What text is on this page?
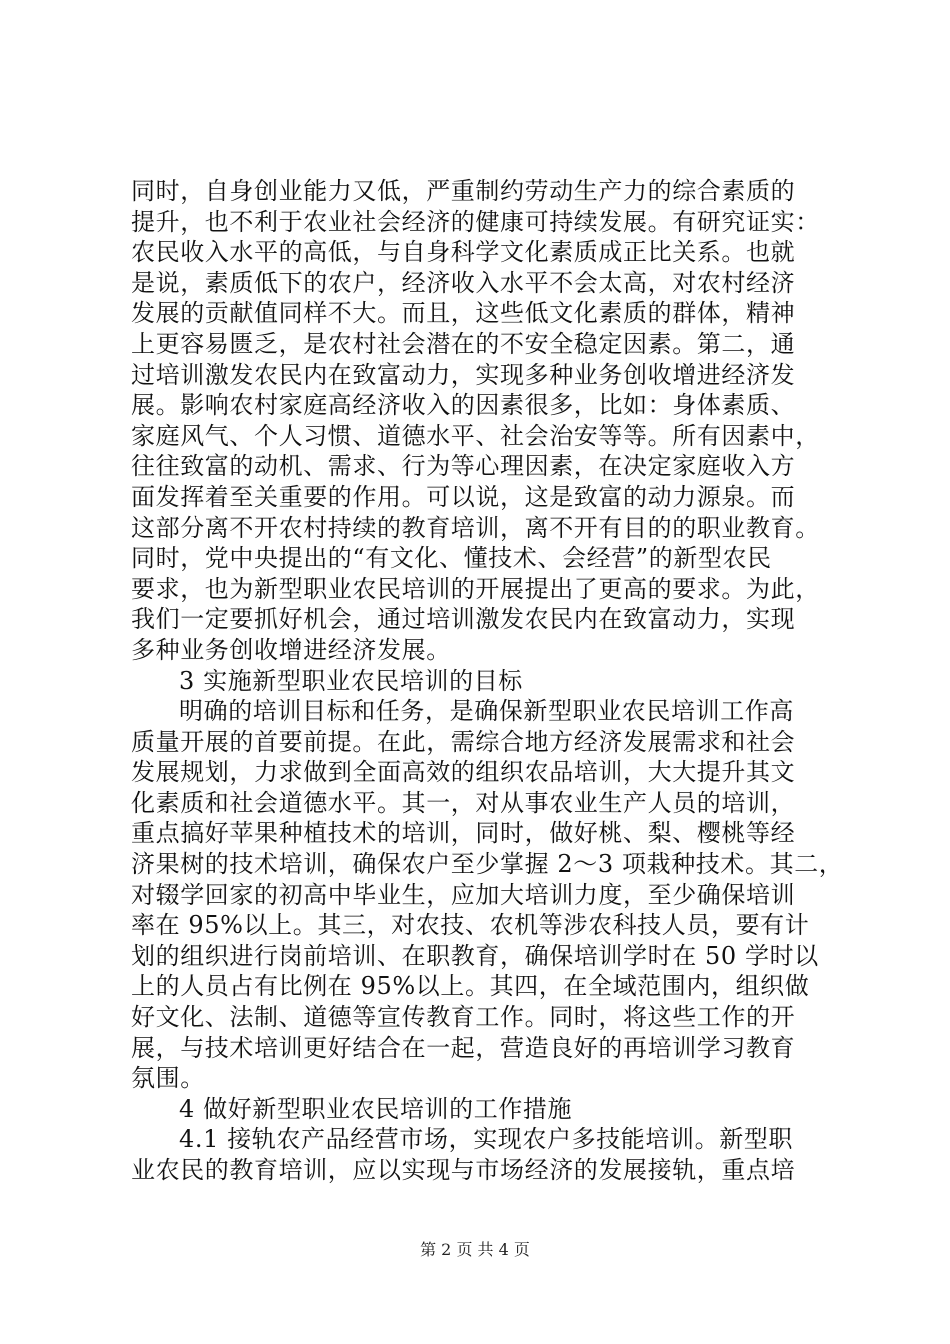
同时，自身创业能力又低，严重制约劳动生产力的综合素质的
提升，也不利于农业社会经济的健康可持续发展。有研究证实：
农民收入水平的高低，与自身科学文化素质成正比关系。也就
是说，素质低下的农户，经济收入水平不会太高，对农村经济
发展的贡献值同样不大。而且，这些低文化素质的群体，精神
上更容易匮乏，是农村社会潜在的不安全稳定因素。第二，通
过培训激发农民内在致富动力，实现多种业务创收增进经济发
展。影响农村家庭高经济收入的因素很多，比如：身体素质、
家庭风气、个人习惯、道德水平、社会治安等等。所有因素中，
往往致富的动机、需求、行为等心理因素，在决定家庭收入方
面发挥着至关重要的作用。可以说，这是致富的动力源泉。而
这部分离不开农村持续的教育培训，离不开有目的的职业教育。
同时，党中央提出的“有文化、懂技术、会经营”的新型农民
要求，也为新型职业农民培训的开展提出了更高的要求。为此，
我们一定要抓好机会，通过培训激发农民内在致富动力，实现
多种业务创收增进经济发展。
3 实施新型职业农民培训的目标
明确的培训目标和任务，是确保新型职业农民培训工作高
质量开展的首要前提。在此，需综合地方经济发展需求和社会
发展规划，力求做到全面高效的组织农品培训，大大提升其文
化素质和社会道德水平。其一，对从事农业生产人员的培训，
重点搞好苹果种植技术的培训，同时，做好桃、梨、樱桃等经
济果树的技术培训，确保农户至少掌握 2～3 项栽种技术。其二，
对辍学回家的初高中毕业生，应加大培训力度，至少确保培训
率在 95%以上。其三，对农技、农机等涉农科技人员，要有计
划的组织进行岗前培训、在职教育，确保培训学时在 50 学时以
上的人员占有比例在 95%以上。其四，在全域范围内，组织做
好文化、法制、道德等宣传教育工作。同时，将这些工作的开
展，与技术培训更好结合在一起，营造良好的再培训学习教育
氛围。
4 做好新型职业农民培训的工作措施
4.1 接轨农产品经营市场，实现农户多技能培训。新型职
业农民的教育培训，应以实现与市场经济的发展接轨，重点培
第 2 页 共 4 页
